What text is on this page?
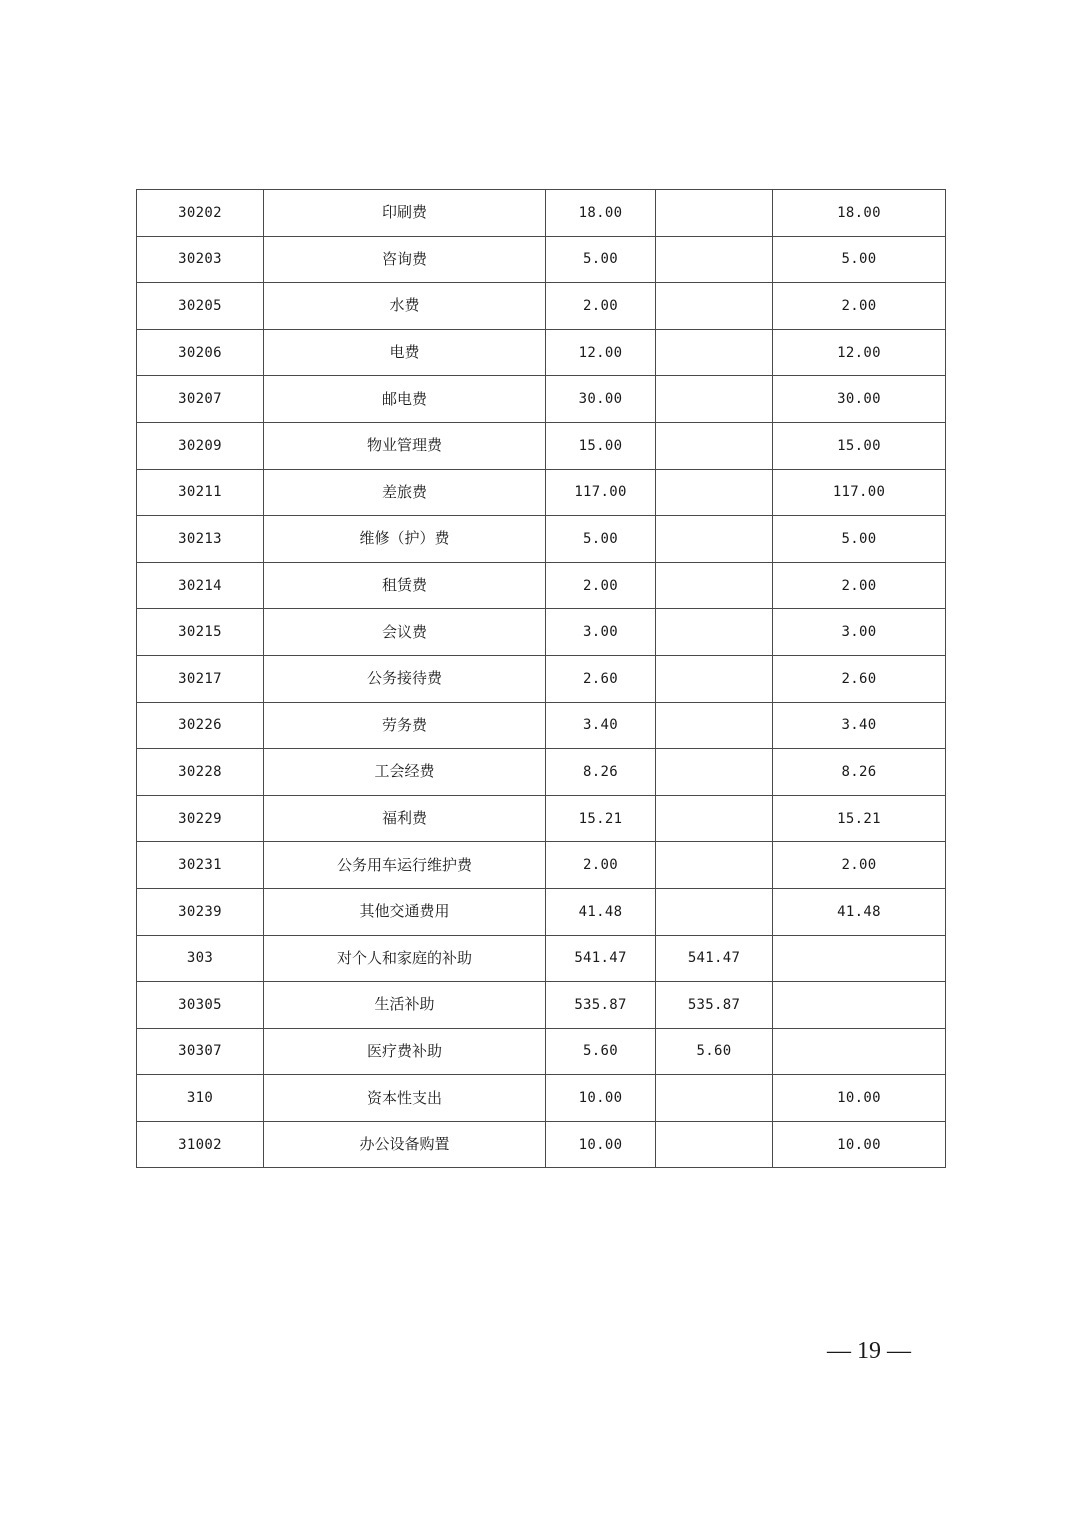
30202	印刷费	18.00		18.00
30203	咨询费	5.00		5.00
30205	水费	2.00		2.00
30206	电费	12.00		12.00
30207	邮电费	30.00		30.00
30209	物业管理费	15.00		15.00
30211	差旅费	117.00		117.00
30213	维修（护）费	5.00		5.00
30214	租赁费	2.00		2.00
30215	会议费	3.00		3.00
30217	公务接待费	2.60		2.60
30226	劳务费	3.40		3.40
30228	工会经费	8.26		8.26
30229	福利费	15.21		15.21
30231	公务用车运行维护费	2.00		2.00
30239	其他交通费用	41.48		41.48
303	对个人和家庭的补助	541.47	541.47	
30305	生活补助	535.87	535.87	
30307	医疗费补助	5.60	5.60	
310	资本性支出	10.00		10.00
31002	办公设备购置	10.00		10.00
— 19 —
